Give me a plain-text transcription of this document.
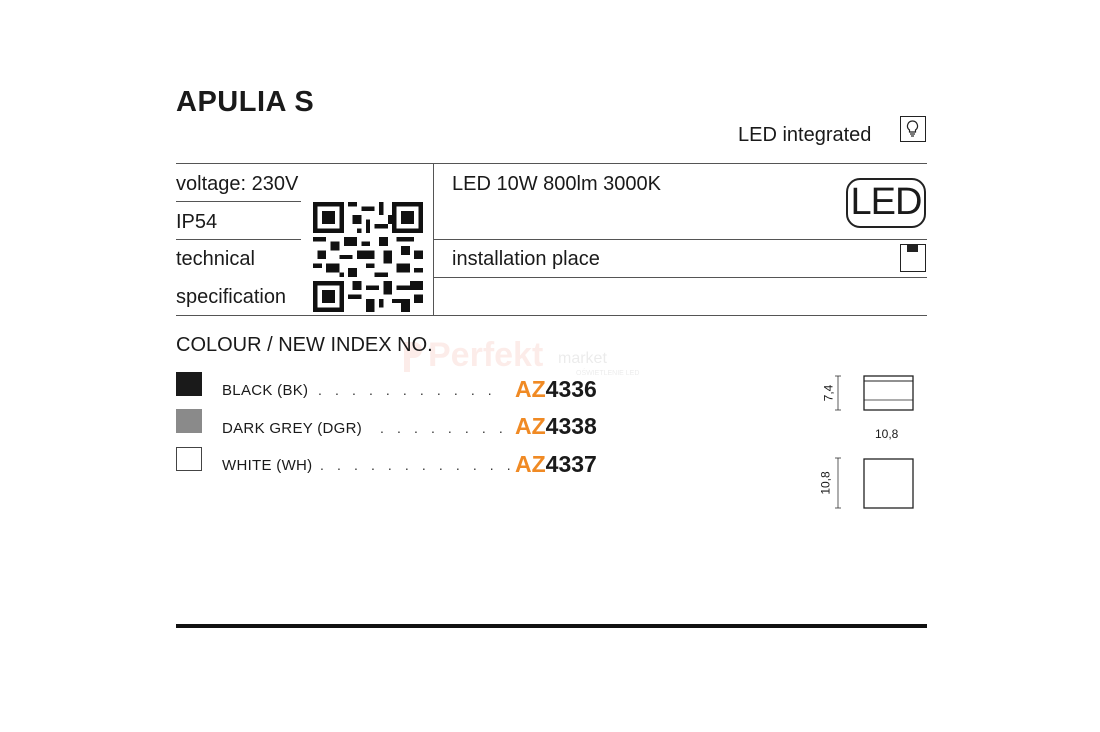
APULIA S
LED integrated
voltage: 230V
IP54
technical
specification
LED 10W 800lm 3000K	LED
installation place
Perfekt market
OŚWIETLENIE LED
COLOUR / NEW INDEX NO.
BLACK (BK) . . . . . . . . . . . AZ4336
DARK GREY (DGR) . . . . . . . . .
AZ4338
WHITE (WH) . . . . . . . . . . . . AZ4337
7,4
10,8
10,8
